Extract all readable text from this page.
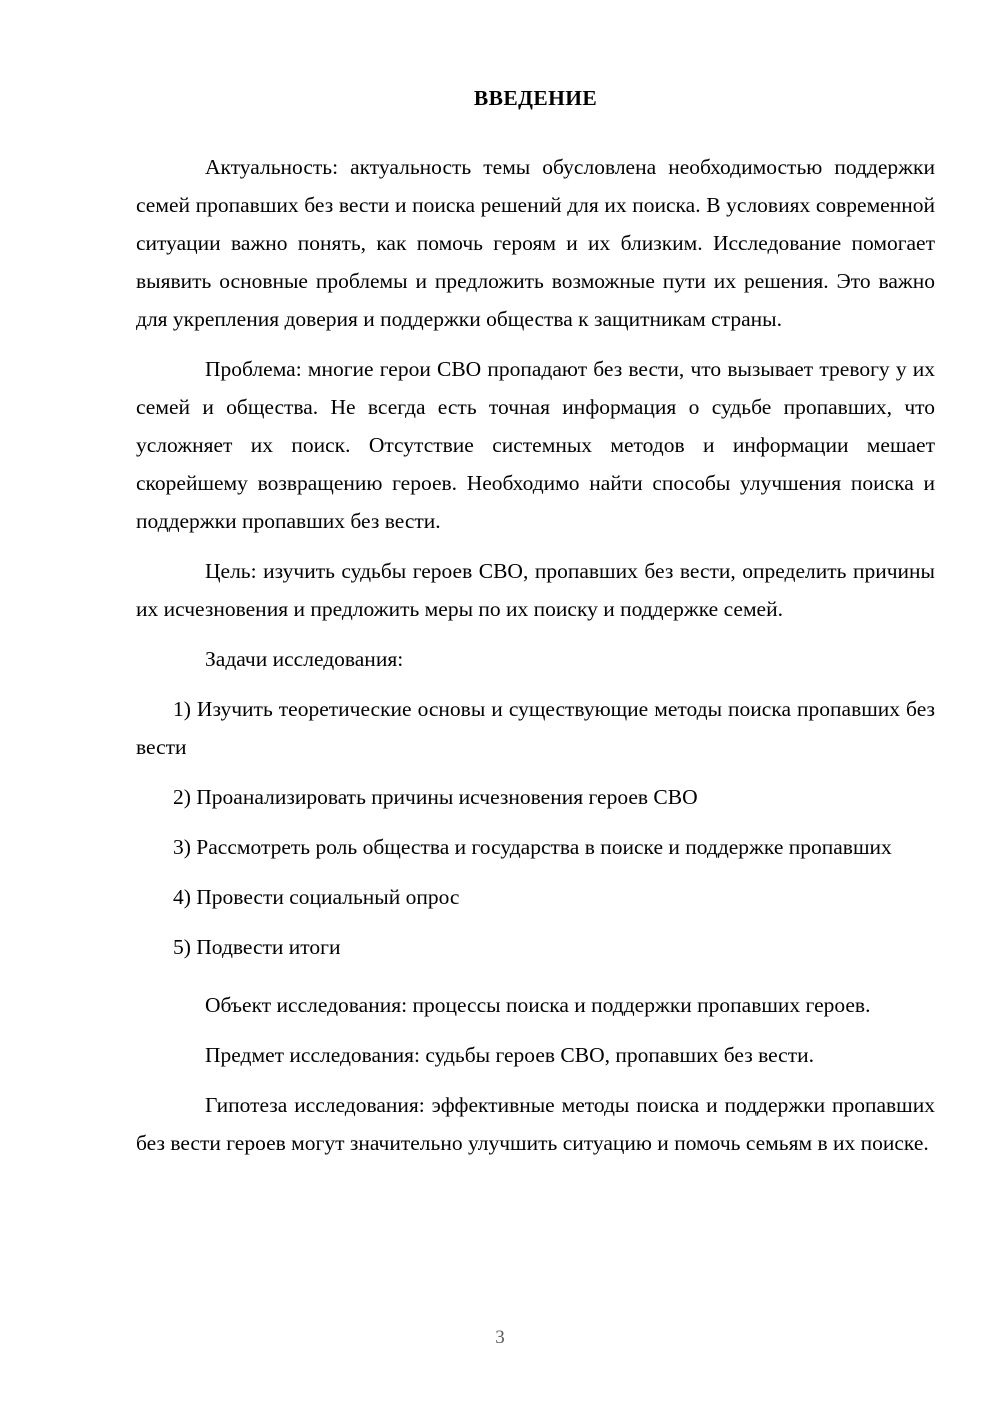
ВВЕДЕНИЕ

Актуальность: актуальность темы обусловлена необходимостью поддержки семей пропавших без вести и поиска решений для их поиска. В условиях современной ситуации важно понять, как помочь героям и их близким. Исследование помогает выявить основные проблемы и предложить возможные пути их решения. Это важно для укрепления доверия и поддержки общества к защитникам страны.

Проблема: многие герои СВО пропадают без вести, что вызывает тревогу у их семей и общества. Не всегда есть точная информация о судьбе пропавших, что усложняет их поиск. Отсутствие системных методов и информации мешает скорейшему возвращению героев. Необходимо найти способы улучшения поиска и поддержки пропавших без вести.

Цель: изучить судьбы героев СВО, пропавших без вести, определить причины их исчезновения и предложить меры по их поиску и поддержке семей.

Задачи исследования:

1) Изучить теоретические основы и существующие методы поиска пропавших без вести
2) Проанализировать причины исчезновения героев СВО
3) Рассмотреть роль общества и государства в поиске и поддержке пропавших
4) Провести социальный опрос
5) Подвести итоги

Объект исследования: процессы поиска и поддержки пропавших героев.

Предмет исследования: судьбы героев СВО, пропавших без вести.

Гипотеза исследования: эффективные методы поиска и поддержки пропавших без вести героев могут значительно улучшить ситуацию и помочь семьям в их поиске.

3
